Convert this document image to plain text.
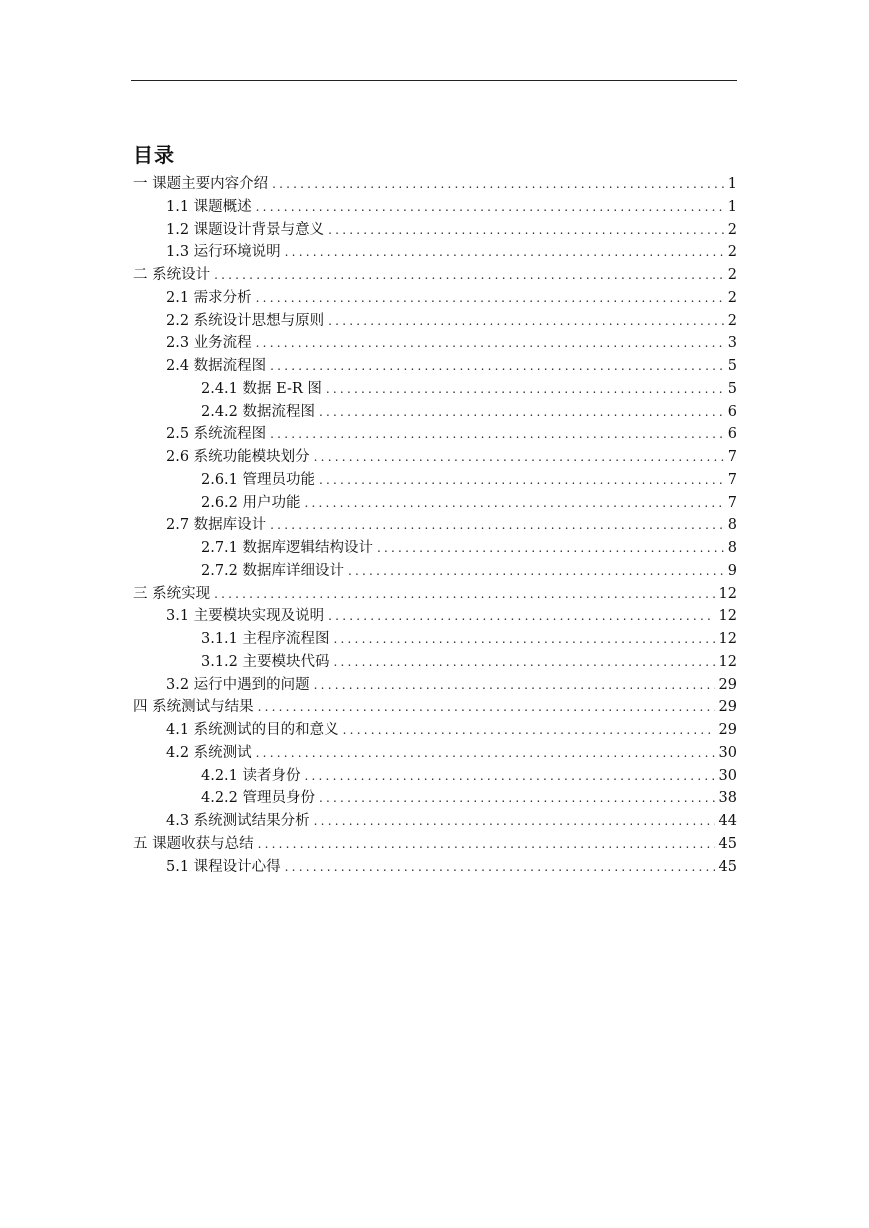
目录
一 课题主要内容介绍 .....	1
1.1 课题概述 .....	1
1.2 课题设计背景与意义 .....	2
1.3 运行环境说明 .....	2
二 系统设计 .....	2
2.1 需求分析 .....	2
2.2 系统设计思想与原则 .....	2
2.3 业务流程 .....	3
2.4 数据流程图 .....	5
2.4.1 数据 E-R 图 .....	5
2.4.2 数据流程图 .....	6
2.5 系统流程图 .....	6
2.6 系统功能模块划分 .....	7
2.6.1 管理员功能 .....	7
2.6.2 用户功能 .....	7
2.7 数据库设计 .....	8
2.7.1 数据库逻辑结构设计 .....	8
2.7.2 数据库详细设计 .....	9
三 系统实现 .....	12
3.1 主要模块实现及说明 .....	12
3.1.1 主程序流程图 .....	12
3.1.2 主要模块代码 .....	12
3.2 运行中遇到的问题 .....	29
四 系统测试与结果 .....	29
4.1 系统测试的目的和意义 .....	29
4.2 系统测试 .....	30
4.2.1 读者身份 .....	30
4.2.2 管理员身份 .....	38
4.3 系统测试结果分析 .....	44
五 课题收获与总结 .....	45
5.1 课程设计心得 .....	45
